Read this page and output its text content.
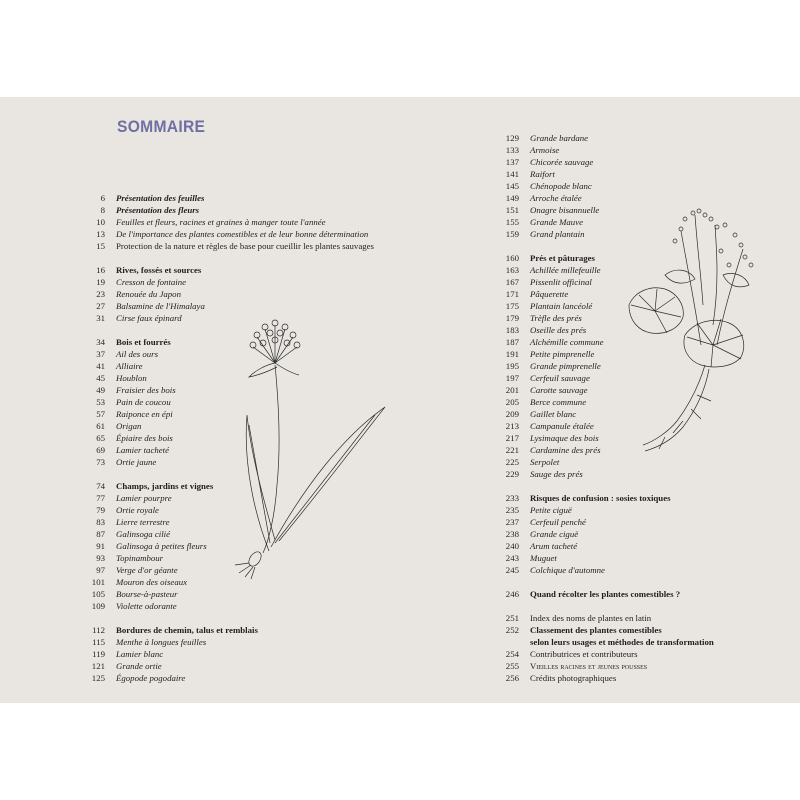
SOMMAIRE
6 Présentation des feuilles
8 Présentation des fleurs
10 Feuilles et fleurs, racines et graines à manger toute l'année
13 De l'importance des plantes comestibles et de leur bonne détermination
15 Protection de la nature et règles de base pour cueillir les plantes sauvages
16 Rives, fossés et sources
19 Cresson de fontaine
23 Renouée du Japon
27 Balsamine de l'Himalaya
31 Cirse faux épinard
34 Bois et fourrés
37 Ail des ours
41 Alliaire
45 Houblon
49 Fraisier des bois
53 Pain de coucou
57 Raiponce en épi
61 Origan
65 Épiaire des bois
69 Lamier tacheté
73 Ortie jaune
74 Champs, jardins et vignes
77 Lamier pourpre
79 Ortie royale
83 Lierre terrestre
87 Galinsoga cilié
91 Galinsoga à petites fleurs
93 Topinambour
97 Verge d'or géante
101 Mouron des oiseaux
105 Bourse-à-pasteur
109 Violette odorante
112 Bordures de chemin, talus et remblais
115 Menthe à longues feuilles
119 Lamier blanc
121 Grande ortie
125 Égopode pogodaire
129 Grande bardane
133 Armoise
137 Chicorée sauvage
141 Raifort
145 Chénopode blanc
149 Arroche étalée
151 Onagre bisannuelle
155 Grande Mauve
159 Grand plantain
160 Prés et pâturages
163 Achillée millefeuille
167 Pissenlit officinal
171 Pâquerette
175 Plantain lancéolé
179 Trèfle des prés
183 Oseille des prés
187 Alchémille commune
191 Petite pimprenelle
195 Grande pimprenelle
197 Cerfeuil sauvage
201 Carotte sauvage
205 Berce commune
209 Gaillet blanc
213 Campanule étalée
217 Lysimaque des bois
221 Cardamine des prés
225 Serpolet
229 Sauge des prés
233 Risques de confusion : sosies toxiques
235 Petite ciguë
237 Cerfeuil penché
238 Grande ciguë
240 Arum tacheté
243 Muguet
245 Colchique d'automne
246 Quand récolter les plantes comestibles ?
251 Index des noms de plantes en latin
252 Classement des plantes comestibles
selon leurs usages et méthodes de transformation
254 Contributrices et contributeurs
255 Vieilles racines et jeunes pousses
256 Crédits photographiques
